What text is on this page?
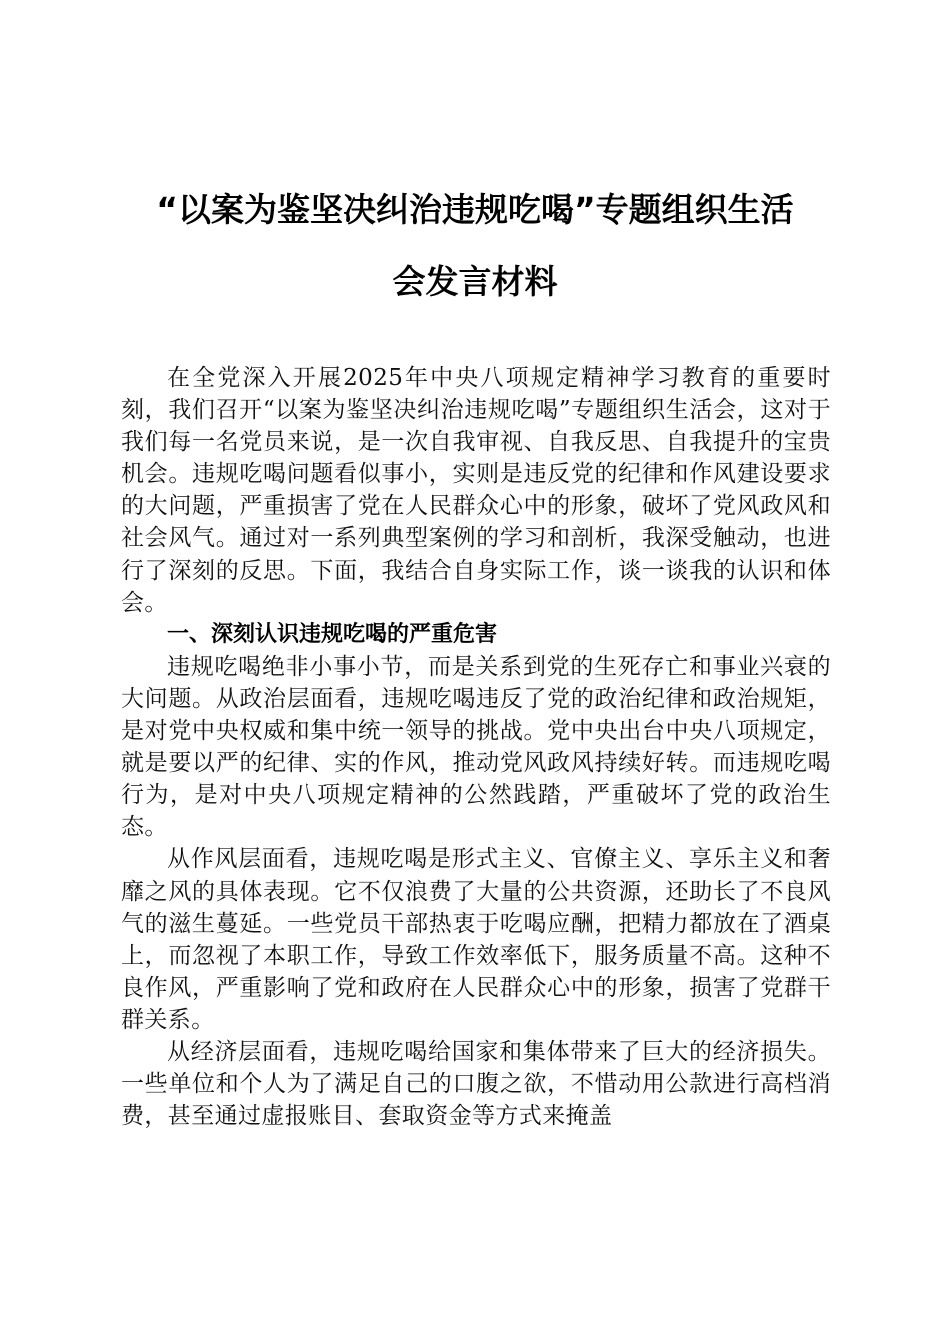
“以案为鉴坚决纠治违规吃喝”专题组织生活
会发言材料

在全党深入开展2025年中央八项规定精神学习教育的重要时刻，我们召开“以案为鉴坚决纠治违规吃喝”专题组织生活会，这对于我们每一名党员来说，是一次自我审视、自我反思、自我提升的宝贵机会。违规吃喝问题看似事小，实则是违反党的纪律和作风建设要求的大问题，严重损害了党在人民群众心中的形象，破坏了党风政风和社会风气。通过对一系列典型案例的学习和剖析，我深受触动，也进行了深刻的反思。下面，我结合自身实际工作，谈一谈我的认识和体会。

一、深刻认识违规吃喝的严重危害

违规吃喝绝非小事小节，而是关系到党的生死存亡和事业兴衰的大问题。从政治层面看，违规吃喝违反了党的政治纪律和政治规矩，是对党中央权威和集中统一领导的挑战。党中央出台中央八项规定，就是要以严的纪律、实的作风，推动党风政风持续好转。而违规吃喝行为，是对中央八项规定精神的公然践踏，严重破坏了党的政治生态。

从作风层面看，违规吃喝是形式主义、官僚主义、享乐主义和奢靡之风的具体表现。它不仅浪费了大量的公共资源，还助长了不良风气的滋生蔓延。一些党员干部热衷于吃喝应酬，把精力都放在了酒桌上，而忽视了本职工作，导致工作效率低下，服务质量不高。这种不良作风，严重影响了党和政府在人民群众心中的形象，损害了党群干群关系。

从经济层面看，违规吃喝给国家和集体带来了巨大的经济损失。一些单位和个人为了满足自己的口腹之欲，不惜动用公款进行高档消费，甚至通过虚报账目、套取资金等方式来掩盖
